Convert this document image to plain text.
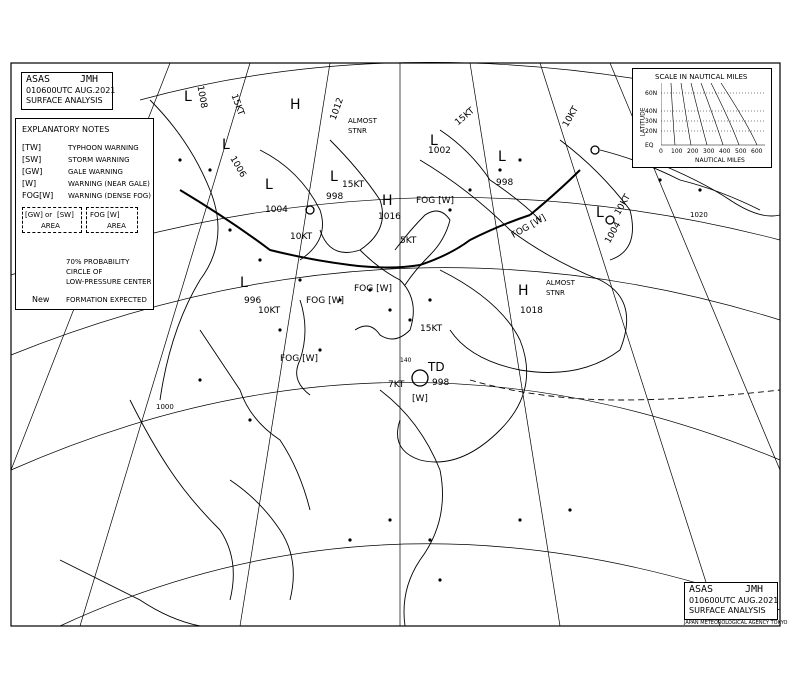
ASAS	JMH
010600UTC AUG.2021
SURFACE ANALYSIS
EXPLANATORY NOTES
[TW]	TYPHOON WARNING
[SW]	STORM WARNING
[GW]	GALE WARNING
[W]	WARNING (NEAR GALE)
FOG[W] WARNING (DENSE FOG)
[GW] or [SW]
AREA
FOG [W]
AREA
70% PROBABILITY
CIRCLE OF
LOW-PRESSURE CENTER
New FORMATION EXPECTED
SCALE IN NAUTICAL MILES
LATITUDE
60N
40N
30N
20N
EQ
0 100 200 300 400 500 600
NAUTICAL MILES
ASAS	JMH
010600UTC AUG.2021
SURFACE ANALYSIS
JAPAN METEOROLOGICAL AGENCY TOKYO
L 1008
L
1006
L
1004
L
996
L
998
L
998
L
1004
L
1002
H
1016
H
1018
H	1012
TD
998
10KT
10KT
10KT
10KT
15KT
15KT
15KT	15KT
5KT
7KT
FOG [W]
FOG [W]
FOG [W]
FOG [W]
FOG [W]
[W]
ALMOST STNR
ALMOST STNR
1020
1000
140
